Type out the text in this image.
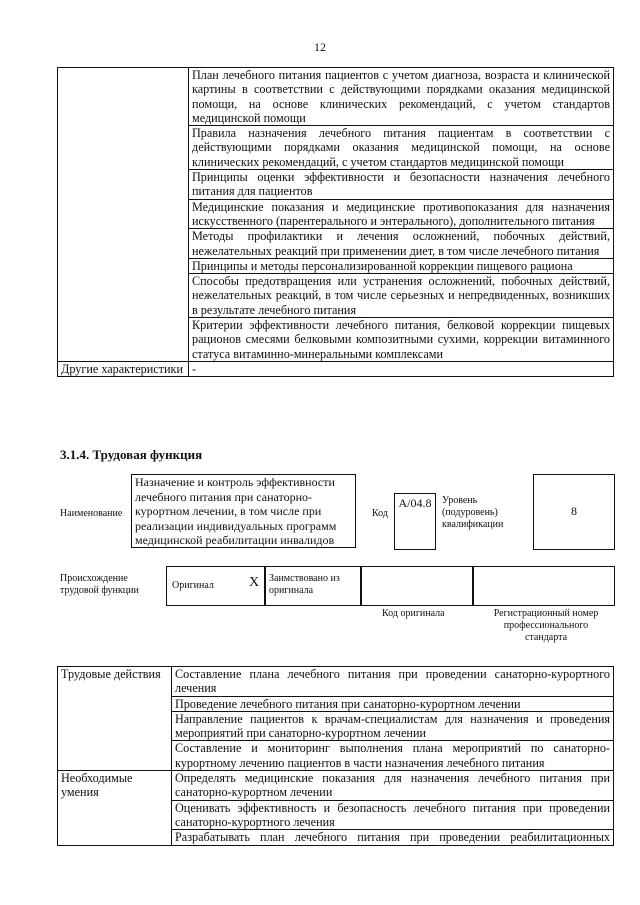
12
	План лечебного питания пациентов с учетом диагноза, возраста и клинической картины в соответствии с действующими порядками оказания медицинской помощи, на основе клинических рекомендаций, с учетом стандартов медицинской помощи
	Правила назначения лечебного питания пациентам в соответствии с действующими порядками оказания медицинской помощи, на основе клинических рекомендаций, с учетом стандартов медицинской помощи
	Принципы оценки эффективности и безопасности назначения лечебного питания для пациентов
	Медицинские показания и медицинские противопоказания для назначения искусственного (парентерального и энтерального), дополнительного питания
	Методы профилактики и лечения осложнений, побочных действий, нежелательных реакций при применении диет, в том числе лечебного питания
	Принципы и методы персонализированной коррекции пищевого рациона
	Способы предотвращения или устранения осложнений, побочных действий, нежелательных реакций, в том числе серьезных и непредвиденных, возникших в результате лечебного питания
	Критерии эффективности лечебного питания, белковой коррекции пищевых рационов смесями белковыми композитными сухими, коррекции витаминного статуса витаминно-минеральными комплексами
Другие характеристики	-
3.1.4. Трудовая функция
Наименование
Назначение и контроль эффективности лечебного питания при санаторно-курортном лечении, в том числе при реализации индивидуальных программ медицинской реабилитации инвалидов
Код
A/04.8	Уровень (подуровень) квалификации
8
Происхождение трудовой функции	Оригинал	X Заимствовано из оригинала
Код оригинала	Регистрационный номер профессионального стандарта
Трудовые действия	Составление плана лечебного питания при проведении санаторно-курортного лечения
	Проведение лечебного питания при санаторно-курортном лечении
	Направление пациентов к врачам-специалистам для назначения и проведения мероприятий при санаторно-курортном лечении
	Составление и мониторинг выполнения плана мероприятий по санаторно-курортному лечению пациентов в части назначения лечебного питания
Необходимые умения	Определять медицинские показания для назначения лечебного питания при санаторно-курортном лечении
	Оценивать эффективность и безопасность лечебного питания при проведении санаторно-курортного лечения
	Разрабатывать план лечебного питания при проведении реабилитационных
